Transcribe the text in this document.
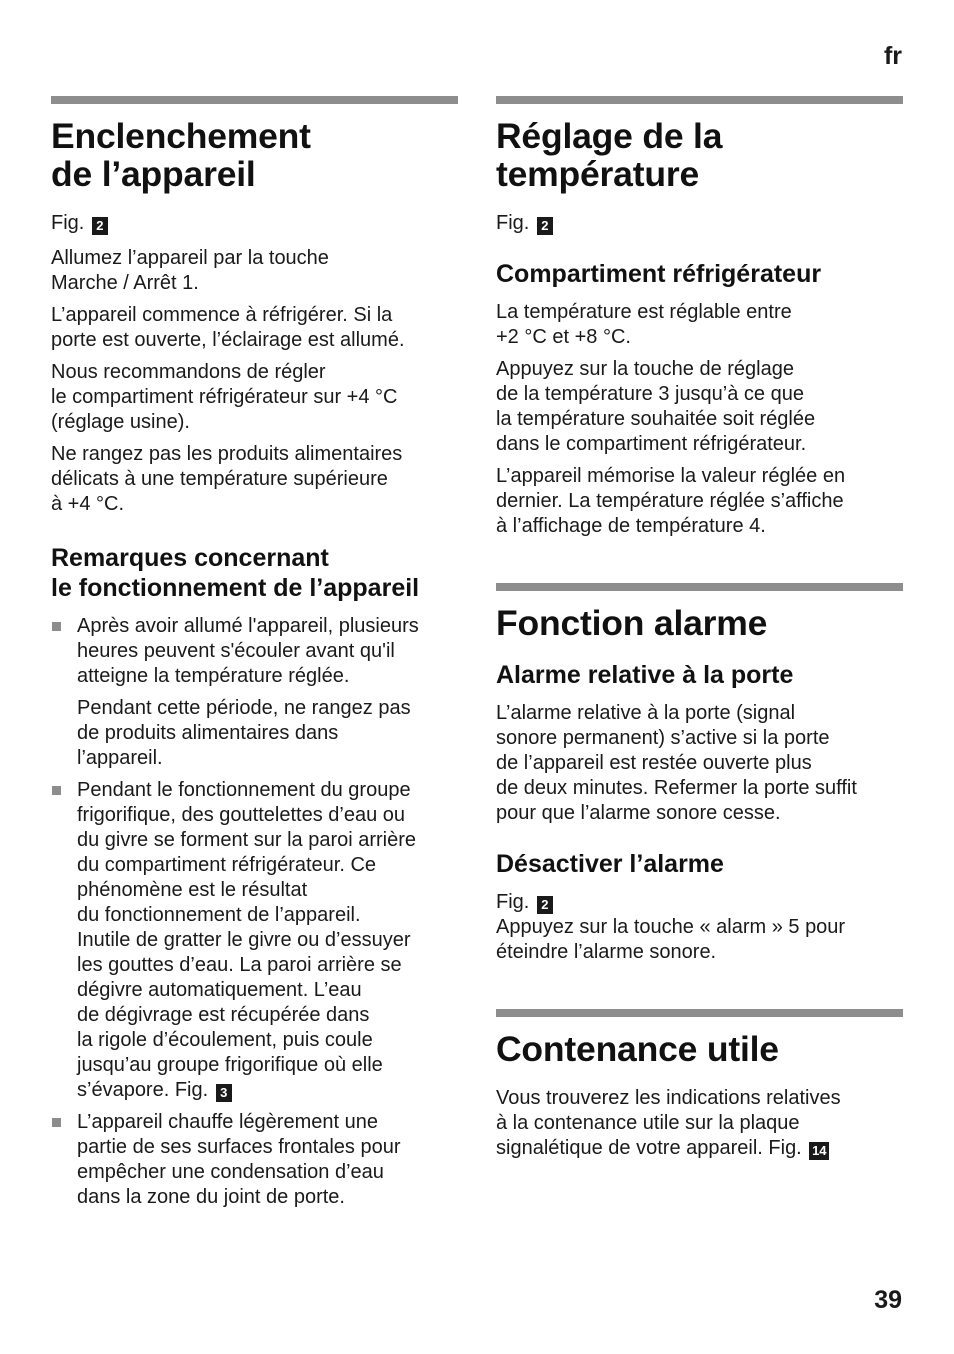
fr
Enclenchement
de l’appareil

Fig. 2

Allumez l’appareil par la touche
Marche / Arrêt 1.

L’appareil commence à réfrigérer. Si la
porte est ouverte, l’éclairage est allumé.

Nous recommandons de régler
le compartiment réfrigérateur sur +4 °C
(réglage usine).

Ne rangez pas les produits alimentaires
délicats à une température supérieure
à +4 °C.

Remarques concernant
le fonctionnement de l’appareil

Après avoir allumé l'appareil, plusieurs
heures peuvent s'écouler avant qu'il
atteigne la température réglée.

Pendant cette période, ne rangez pas
de produits alimentaires dans
l’appareil.

Pendant le fonctionnement du groupe
frigorifique, des gouttelettes d’eau ou
du givre se forment sur la paroi arrière
du compartiment réfrigérateur. Ce
phénomène est le résultat
du fonctionnement de l’appareil.
Inutile de gratter le givre ou d’essuyer
les gouttes d’eau. La paroi arrière se
dégivre automatiquement. L’eau
de dégivrage est récupérée dans
la rigole d’écoulement, puis coule
jusqu’au groupe frigorifique où elle
s’évapore. Fig. 3

L’appareil chauffe légèrement une
partie de ses surfaces frontales pour
empêcher une condensation d’eau
dans la zone du joint de porte.

Réglage de la
température

Fig. 2

Compartiment réfrigérateur

La température est réglable entre
+2 °C et +8 °C.

Appuyez sur la touche de réglage
de la température 3 jusqu’à ce que
la température souhaitée soit réglée
dans le compartiment réfrigérateur.

L’appareil mémorise la valeur réglée en
dernier. La température réglée s’affiche
à l’affichage de température 4.

Fonction alarme
Alarme relative à la porte

L’alarme relative à la porte (signal
sonore permanent) s’active si la porte
de l’appareil est restée ouverte plus
de deux minutes. Refermer la porte suffit
pour que l’alarme sonore cesse.

Désactiver l’alarme

Fig. 2

Appuyez sur la touche « alarm » 5 pour
éteindre l’alarme sonore.

Contenance utile

Vous trouverez les indications relatives
à la contenance utile sur la plaque
signalétique de votre appareil. Fig. 14

39
